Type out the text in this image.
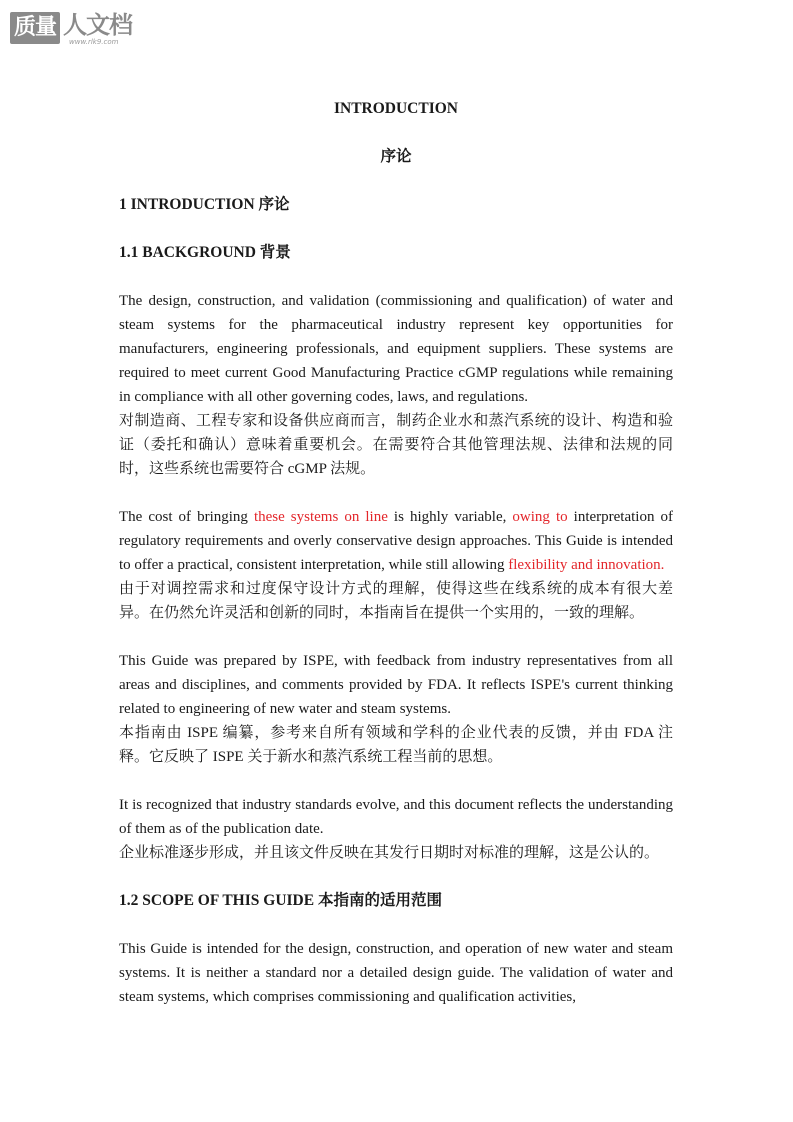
质量 人文档
www.rlk9.com

INTRODUCTION

序论

1 INTRODUCTION 序论

1.1 BACKGROUND 背景

The design, construction, and validation (commissioning and qualification) of water and steam systems for the pharmaceutical industry represent key opportunities for manufacturers, engineering professionals, and equipment suppliers. These systems are required to meet current Good Manufacturing Practice cGMP regulations while remaining in compliance with all other governing codes, laws, and regulations.

对制造商、工程专家和设备供应商而言，制药企业水和蒸汽系统的设计、构造和验证（委托和确认）意味着重要机会。在需要符合其他管理法规、法律和法规的同时，这些系统也需要符合 cGMP 法规。

The cost of bringing these systems on line is highly variable, owing to interpretation of regulatory requirements and overly conservative design approaches. This Guide is intended to offer a practical, consistent interpretation, while still allowing flexibility and innovation.

由于对调控需求和过度保守设计方式的理解，使得这些在线系统的成本有很大差异。在仍然允许灵活和创新的同时，本指南旨在提供一个实用的，一致的理解。

This Guide was prepared by ISPE, with feedback from industry representatives from all areas and disciplines, and comments provided by FDA. It reflects ISPE's current thinking related to engineering of new water and steam systems.

本指南由 ISPE 编纂，参考来自所有领域和学科的企业代表的反馈，并由 FDA 注释。它反映了 ISPE 关于新水和蒸汽系统工程当前的思想。

It is recognized that industry standards evolve, and this document reflects the understanding of them as of the publication date.

企业标准逐步形成，并且该文件反映在其发行日期时对标准的理解，这是公认的。

1.2 SCOPE OF THIS GUIDE 本指南的适用范围

This Guide is intended for the design, construction, and operation of new water and steam systems. It is neither a standard nor a detailed design guide. The validation of water and steam systems, which comprises commissioning and qualification activities,
